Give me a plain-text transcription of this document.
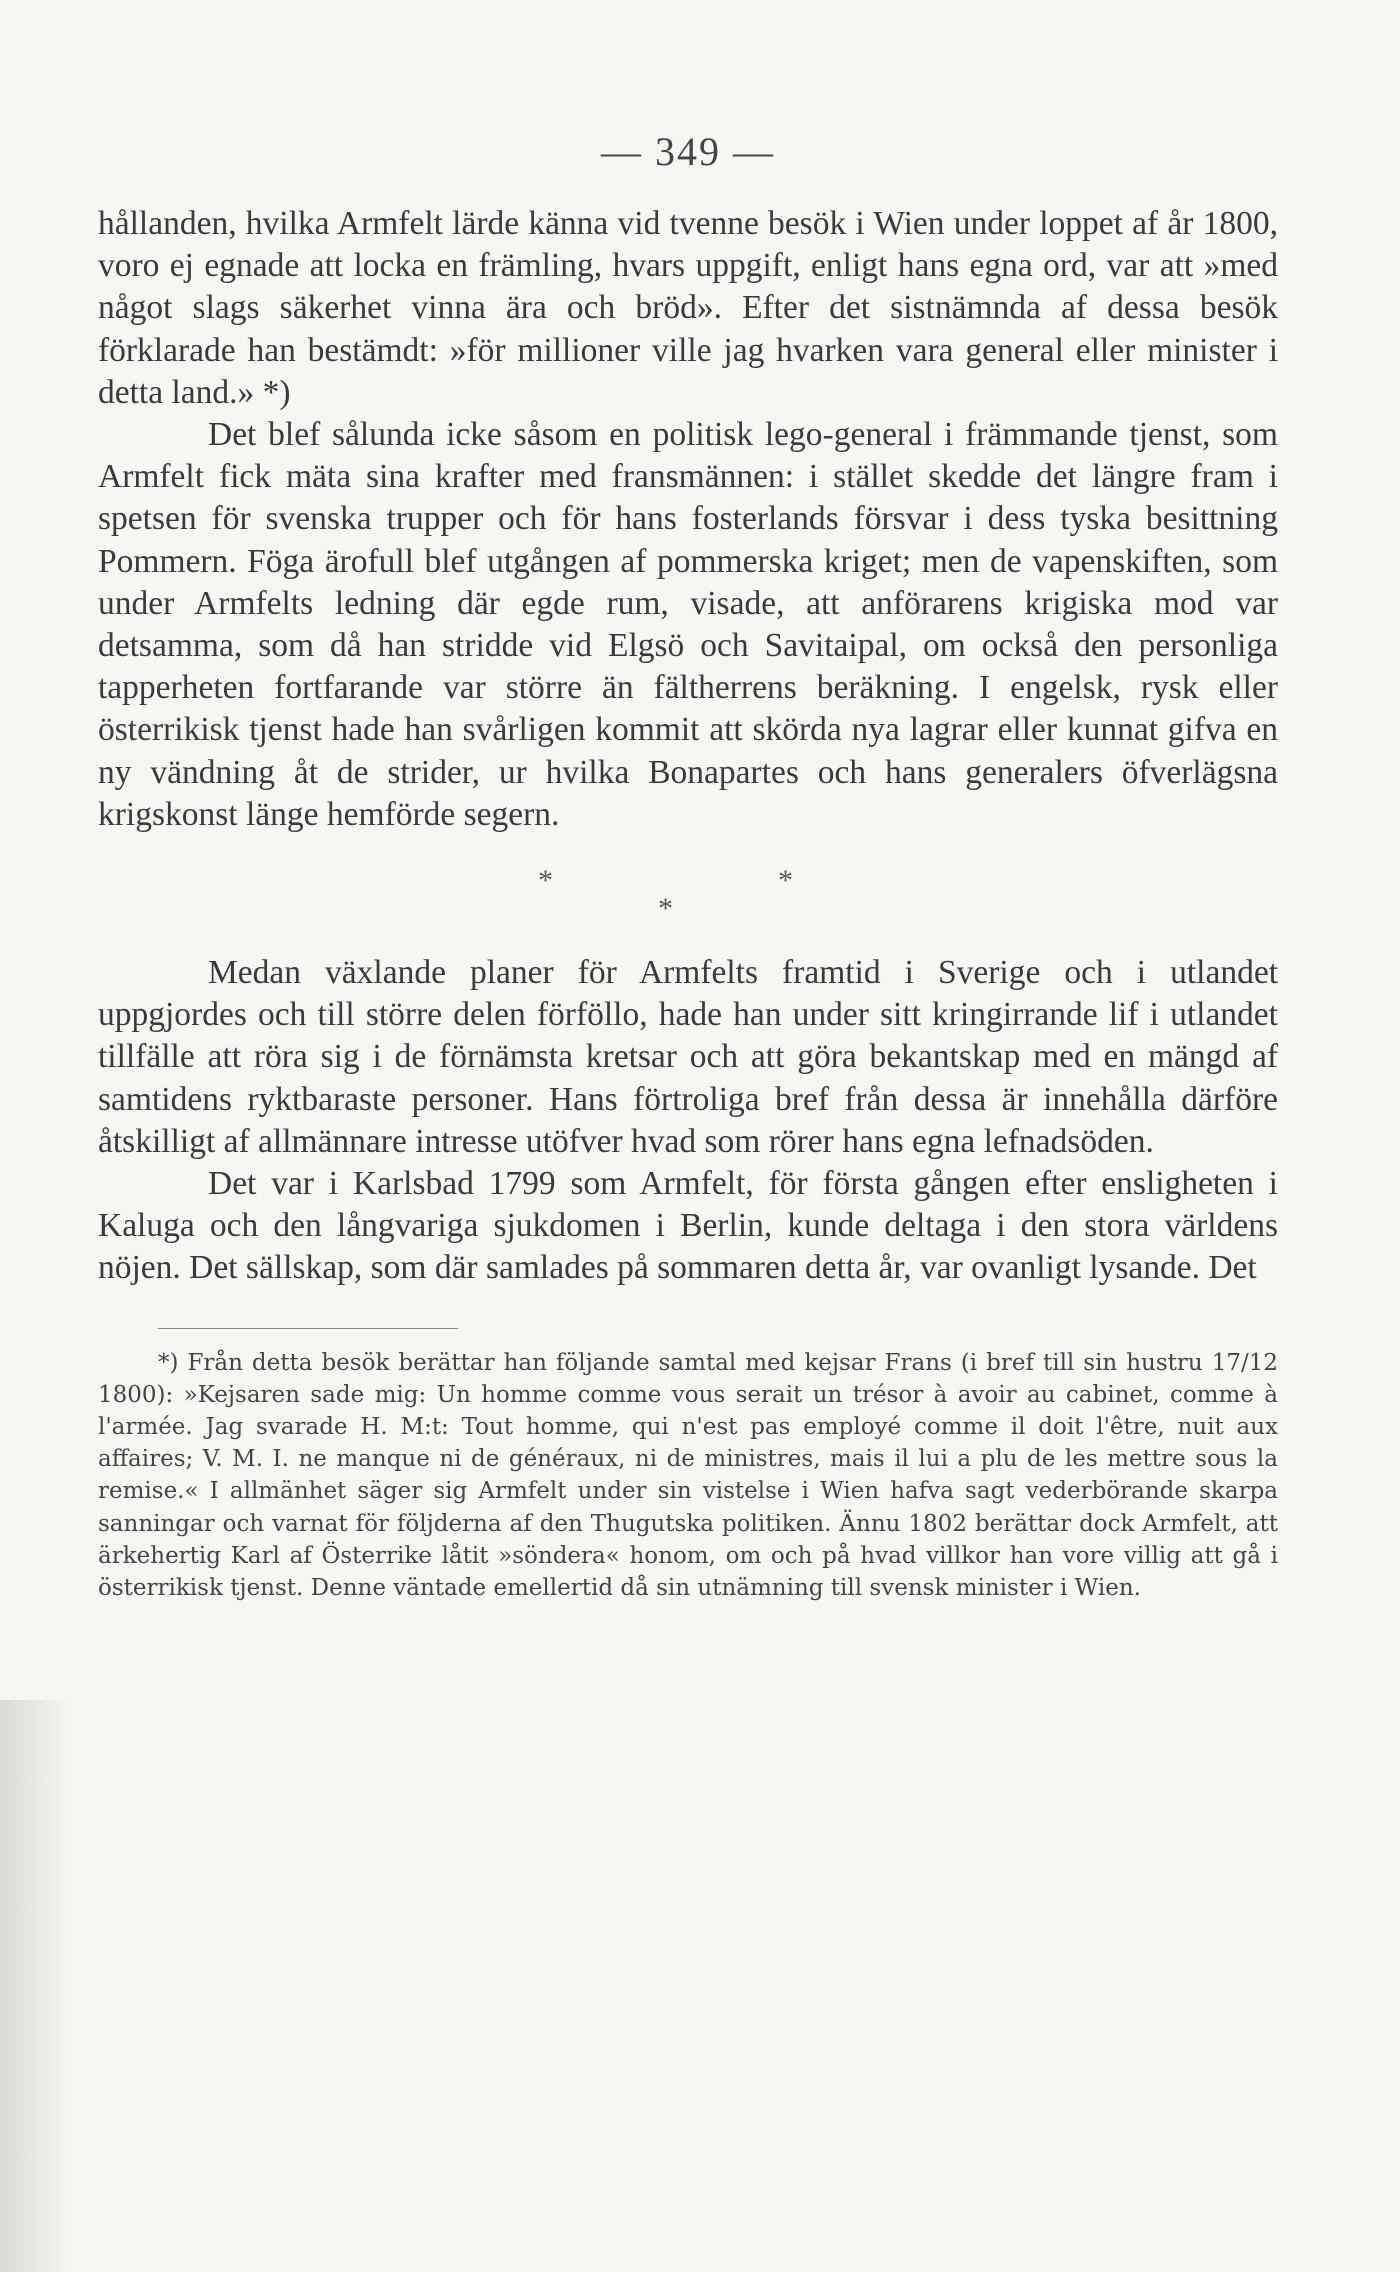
— 349 —

hållanden, hvilka Armfelt lärde känna vid tvenne besök i Wien under loppet af år 1800, voro ej egnade att locka en främling, hvars uppgift, enligt hans egna ord, var att »med något slags säkerhet vinna ära och bröd». Efter det sistnämnda af dessa besök förklarade han bestämdt: »för millioner ville jag hvarken vara general eller minister i detta land.» *)

Det blef sålunda icke såsom en politisk lego-general i främmande tjenst, som Armfelt fick mäta sina krafter med fransmännen: i stället skedde det längre fram i spetsen för svenska trupper och för hans fosterlands försvar i dess tyska besittning Pommern. Föga ärofull blef utgången af pommerska kriget; men de vapenskiften, som under Armfelts ledning där egde rum, visade, att anförarens krigiska mod var detsamma, som då han stridde vid Elgsö och Savitaipal, om också den personliga tapperheten fortfarande var större än fältherrens beräkning. I engelsk, rysk eller österrikisk tjenst hade han svårligen kommit att skörda nya lagrar eller kunnat gifva en ny vändning åt de strider, ur hvilka Bonapartes och hans generalers öfverlägsna krigskonst länge hemförde segern.

*	*
*

Medan växlande planer för Armfelts framtid i Sverige och i utlandet uppgjordes och till större delen förföllo, hade han under sitt kringirrande lif i utlandet tillfälle att röra sig i de förnämsta kretsar och att göra bekantskap med en mängd af samtidens ryktbaraste personer. Hans förtroliga bref från dessa är innehålla därföre åtskilligt af allmännare intresse utöfver hvad som rörer hans egna lefnadsöden.

Det var i Karlsbad 1799 som Armfelt, för första gången efter ensligheten i Kaluga och den långvariga sjukdomen i Berlin, kunde deltaga i den stora världens nöjen. Det sällskap, som där samlades på sommaren detta år, var ovanligt lysande. Det

*) Från detta besök berättar han följande samtal med kejsar Frans (i bref till sin hustru 17/12 1800): »Kejsaren sade mig: Un homme comme vous serait un trésor à avoir au cabinet, comme à l'armée. Jag svarade H. M:t: Tout homme, qui n'est pas employé comme il doit l'être, nuit aux affaires; V. M. I. ne manque ni de généraux, ni de ministres, mais il lui a plu de les mettre sous la remise.« I allmänhet säger sig Armfelt under sin vistelse i Wien hafva sagt vederbörande skarpa sanningar och varnat för följderna af den Thugutska politiken. Ännu 1802 berättar dock Armfelt, att ärkehertig Karl af Österrike låtit »söndera« honom, om och på hvad villkor han vore villig att gå i österrikisk tjenst. Denne väntade emellertid då sin utnämning till svensk minister i Wien.
